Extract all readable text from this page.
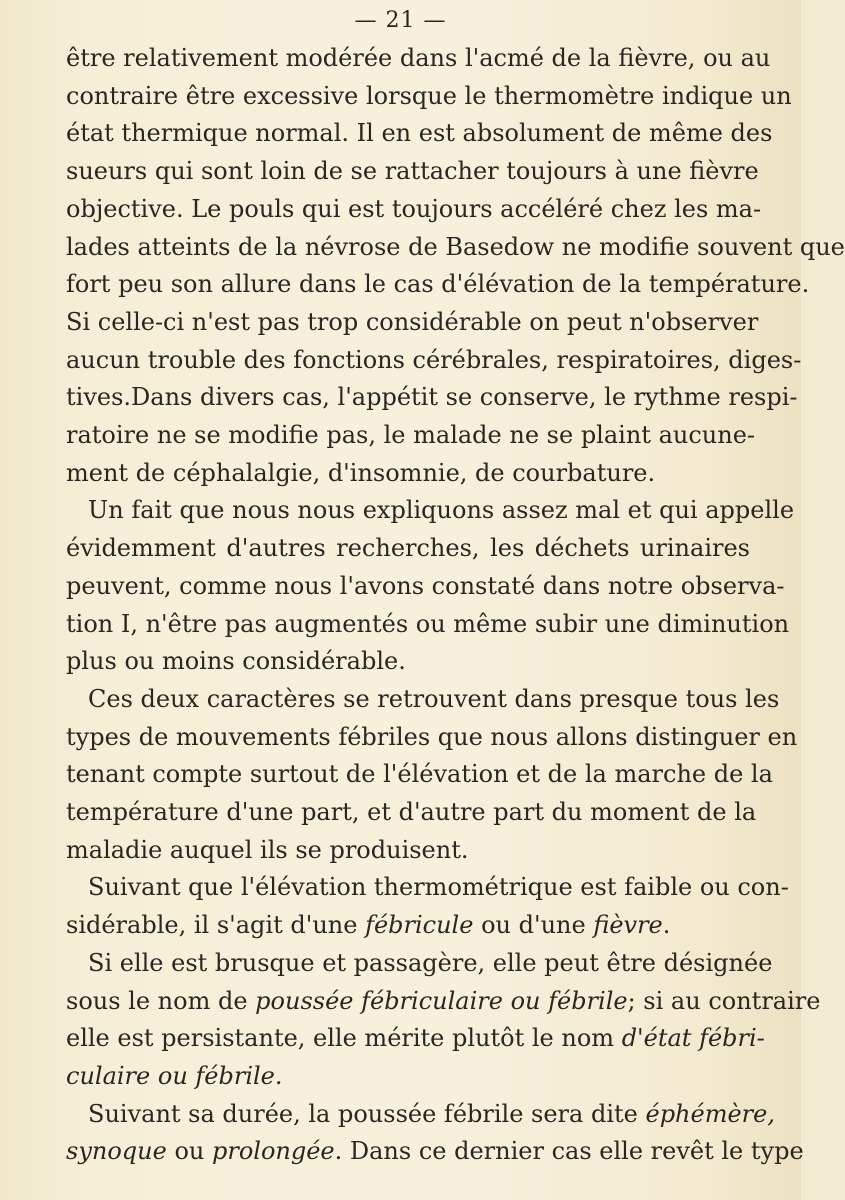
— 21 —
être relativement modérée dans l'acmé de la fièvre, ou au
contraire être excessive lorsque le thermomètre indique un
état thermique normal. Il en est absolument de même des
sueurs qui sont loin de se rattacher toujours à une fièvre
objective. Le pouls qui est toujours accéléré chez les ma-
lades atteints de la névrose de Basedow ne modifie souvent que
fort peu son allure dans le cas d'élévation de la température.
Si celle-ci n'est pas trop considérable on peut n'observer
aucun trouble des fonctions cérébrales, respiratoires, diges-
tives.Dans divers cas, l'appétit se conserve, le rythme respi-
ratoire ne se modifie pas, le malade ne se plaint aucune-
ment de céphalalgie, d'insomnie, de courbature.
Un fait que nous nous expliquons assez mal et qui appelle
évidemment d'autres recherches, les déchets urinaires
peuvent, comme nous l'avons constaté dans notre observa-
tion I, n'être pas augmentés ou même subir une diminution
plus ou moins considérable.
Ces deux caractères se retrouvent dans presque tous les
types de mouvements fébriles que nous allons distinguer en
tenant compte surtout de l'élévation et de la marche de la
température d'une part, et d'autre part du moment de la
maladie auquel ils se produisent.
Suivant que l'élévation thermométrique est faible ou con-
sidérable, il s'agit d'une fébricule ou d'une fièvre.
Si elle est brusque et passagère, elle peut être désignée
sous le nom de poussée fébriculaire ou fébrile; si au contraire
elle est persistante, elle mérite plutôt le nom d'état fébri-
culaire ou fébrile.
Suivant sa durée, la poussée fébrile sera dite éphémère,
synoque ou prolongée. Dans ce dernier cas elle revêt le type
